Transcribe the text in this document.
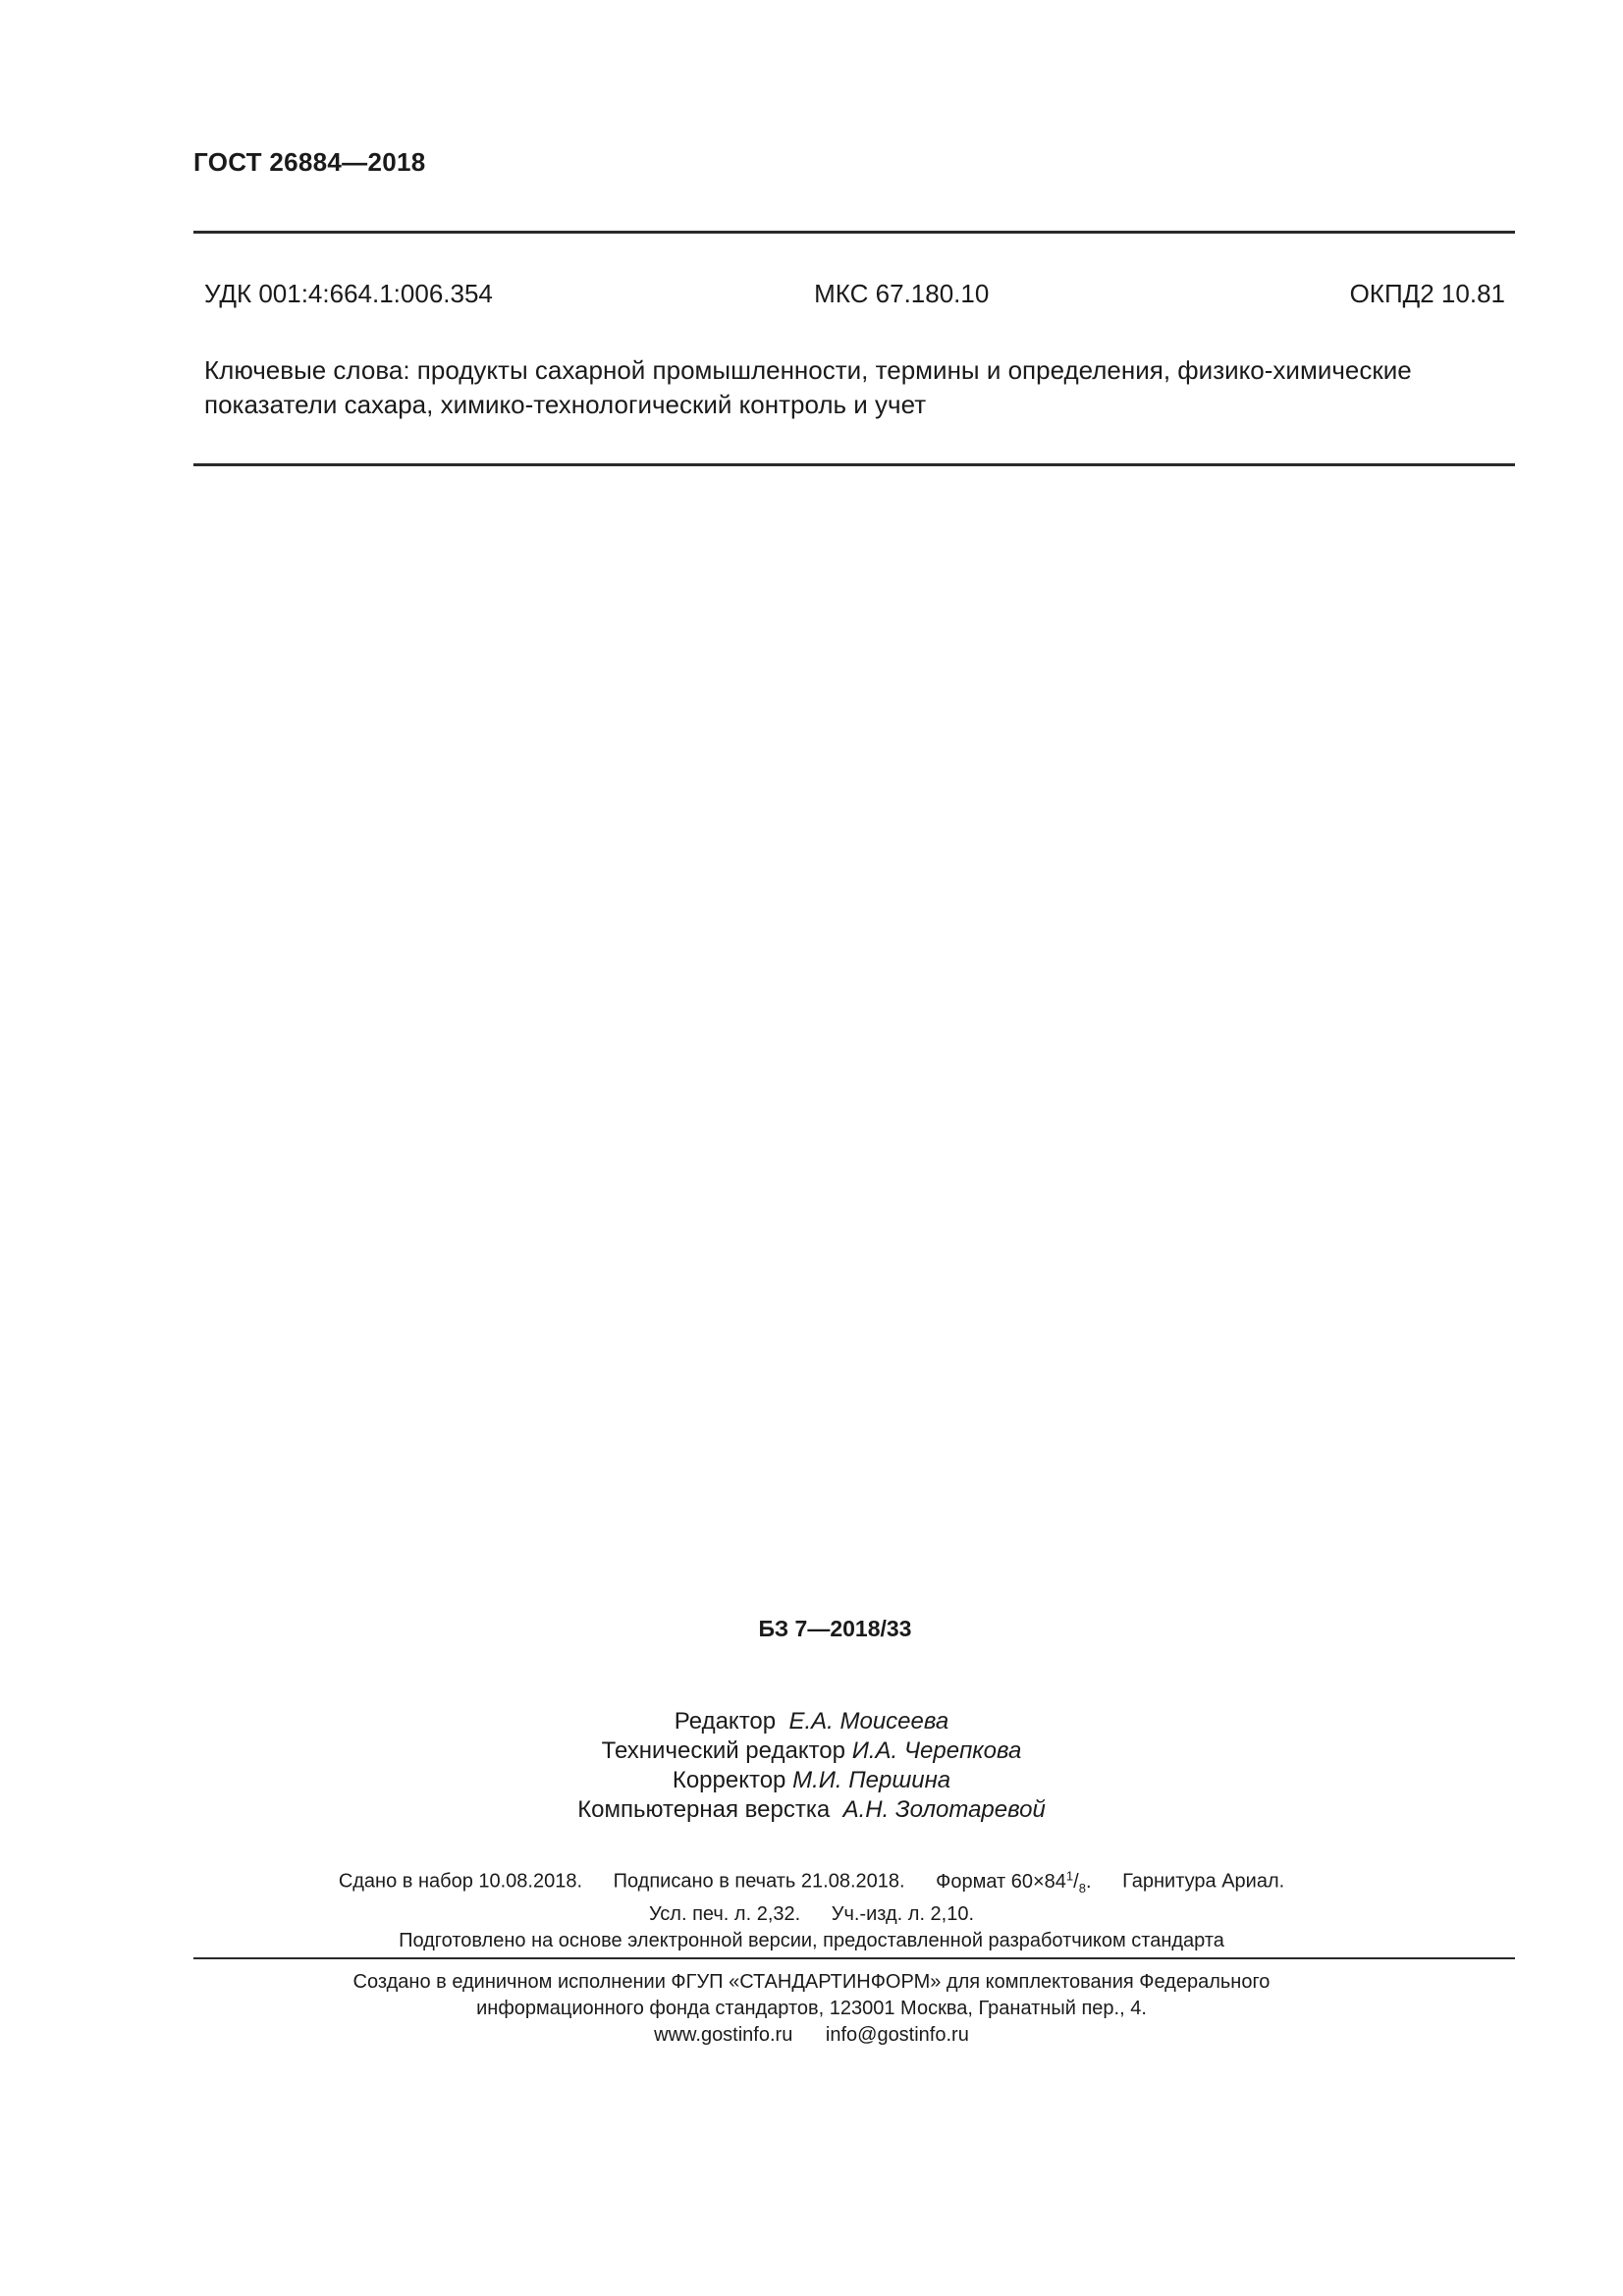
ГОСТ 26884—2018
УДК 001:4:664.1:006.354	МКС 67.180.10	ОКПД2 10.81
Ключевые слова: продукты сахарной промышленности, термины и определения, физико-химические
показатели сахара, химико-технологический контроль и учет
БЗ 7—2018/33
Редактор Е.А. Моисеева
Технический редактор И.А. Черепкова
Корректор М.И. Першина
Компьютерная верстка А.Н. Золотаревой
Сдано в набор 10.08.2018. Подписано в печать 21.08.2018. Формат $60\times 84^1/_8$. Гарнитура Ариал.
Усл. печ. л. 2,32. Уч.-изд. л. 2,10.
Подготовлено на основе электронной версии, предоставленной разработчиком стандарта
Создано в единичном исполнении ФГУП «СТАНДАРТИНФОРМ» для комплектования Федерального
информационного фонда стандартов, 123001 Москва, Гранатный пер., 4.
www.gostinfo.ru info@gostinfo.ru
